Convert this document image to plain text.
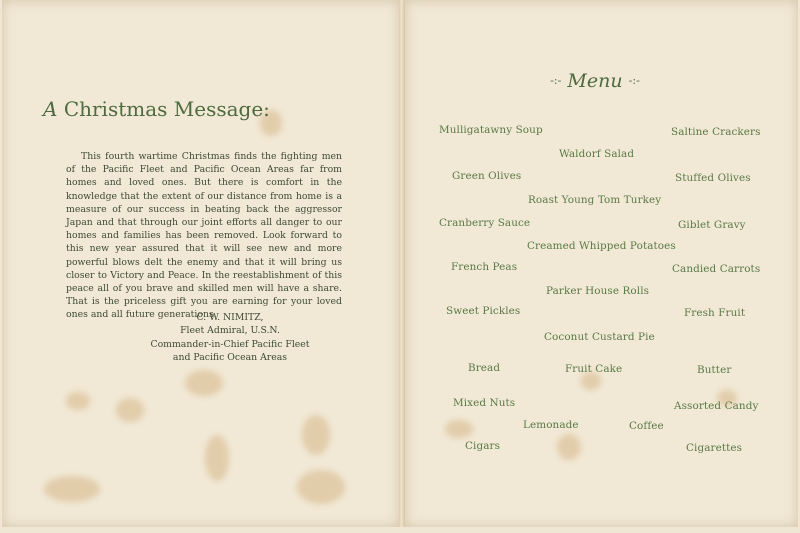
A Christmas Message:

This fourth wartime Christmas finds the fighting men of the Pacific Fleet and Pacific Ocean Areas far from homes and loved ones. But there is comfort in the knowledge that the extent of our distance from home is a measure of our success in beating back the aggressor Japan and that through our joint efforts all danger to our homes and families has been removed. Look forward to this new year assured that it will see new and more powerful blows delt the enemy and that it will bring us closer to Victory and Peace. In the reestablishment of this peace all of you brave and skilled men will have a share. That is the priceless gift you are earning for your loved ones and all future generations.

C. W. NIMITZ,
Fleet Admiral, U.S.N.
Commander-in-Chief Pacific Fleet
and Pacific Ocean Areas
-:- Menu -:-
Mulligatawny Soup	Saltine Crackers
Waldorf Salad
Green Olives	Stuffed Olives
Roast Young Tom Turkey
Cranberry Sauce	Giblet Gravy
Creamed Whipped Potatoes
French Peas	Candied Carrots
Parker House Rolls
Sweet Pickles	Fresh Fruit
Coconut Custard Pie
Bread	Fruit Cake	Butter
Mixed Nuts	Assorted Candy
Lemonade	Coffee
Cigars	Cigarettes
